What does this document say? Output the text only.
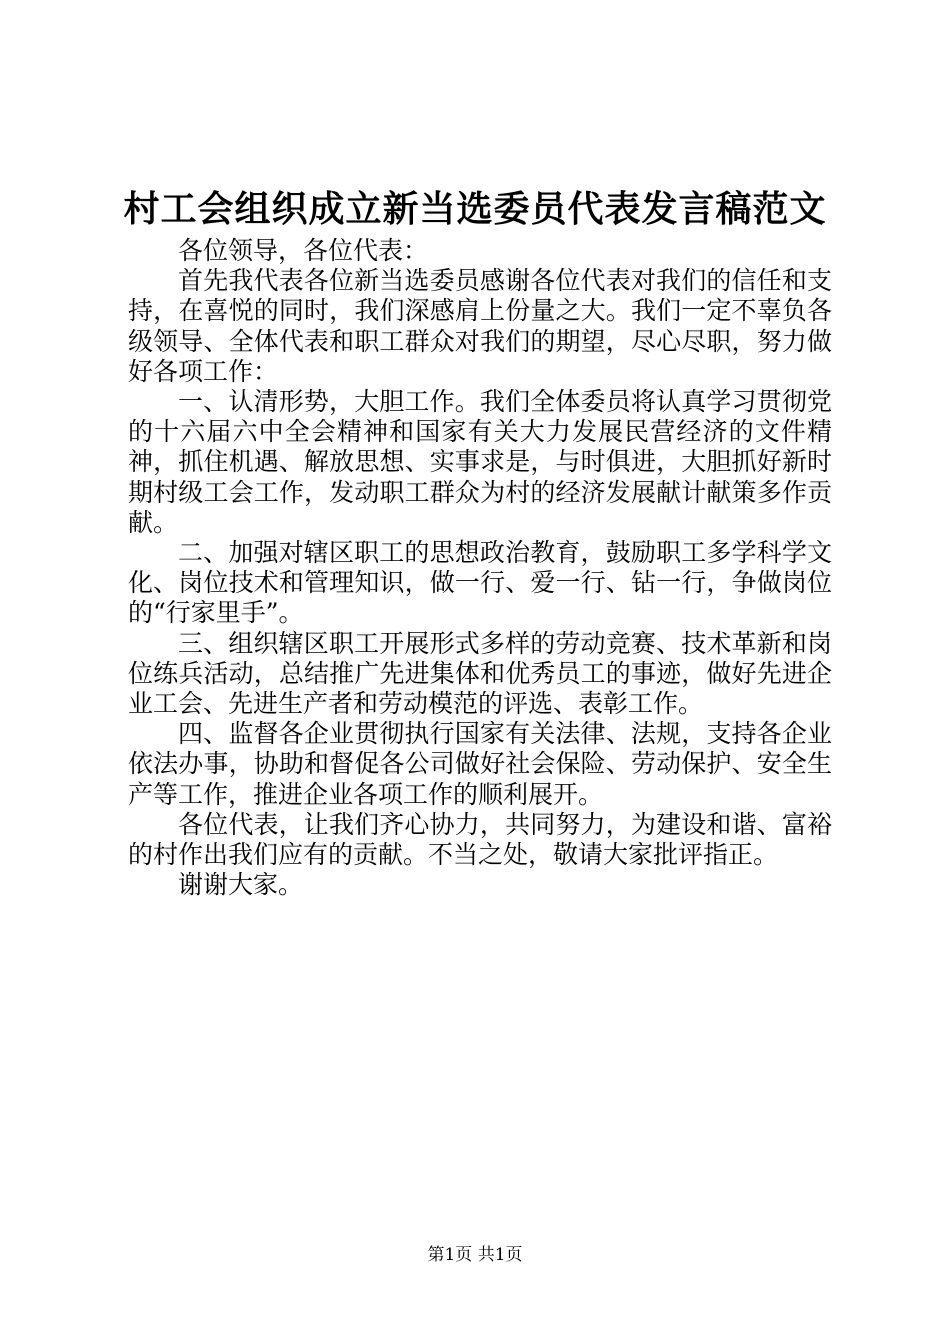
村工会组织成立新当选委员代表发言稿范文

各位领导，各位代表：

首先我代表各位新当选委员感谢各位代表对我们的信任和支持，在喜悦的同时，我们深感肩上份量之大。我们一定不辜负各级领导、全体代表和职工群众对我们的期望，尽心尽职，努力做好各项工作：

一、认清形势，大胆工作。我们全体委员将认真学习贯彻党的十六届六中全会精神和国家有关大力发展民营经济的文件精神，抓住机遇、解放思想、实事求是，与时俱进，大胆抓好新时期村级工会工作，发动职工群众为村的经济发展献计献策多作贡献。

二、加强对辖区职工的思想政治教育，鼓励职工多学科学文化、岗位技术和管理知识，做一行、爱一行、钻一行，争做岗位的“行家里手”。

三、组织辖区职工开展形式多样的劳动竞赛、技术革新和岗位练兵活动，总结推广先进集体和优秀员工的事迹，做好先进企业工会、先进生产者和劳动模范的评选、表彰工作。

四、监督各企业贯彻执行国家有关法律、法规，支持各企业依法办事，协助和督促各公司做好社会保险、劳动保护、安全生产等工作，推进企业各项工作的顺利展开。

各位代表，让我们齐心协力，共同努力，为建设和谐、富裕的村作出我们应有的贡献。不当之处，敬请大家批评指正。

谢谢大家。

第1页 共1页
